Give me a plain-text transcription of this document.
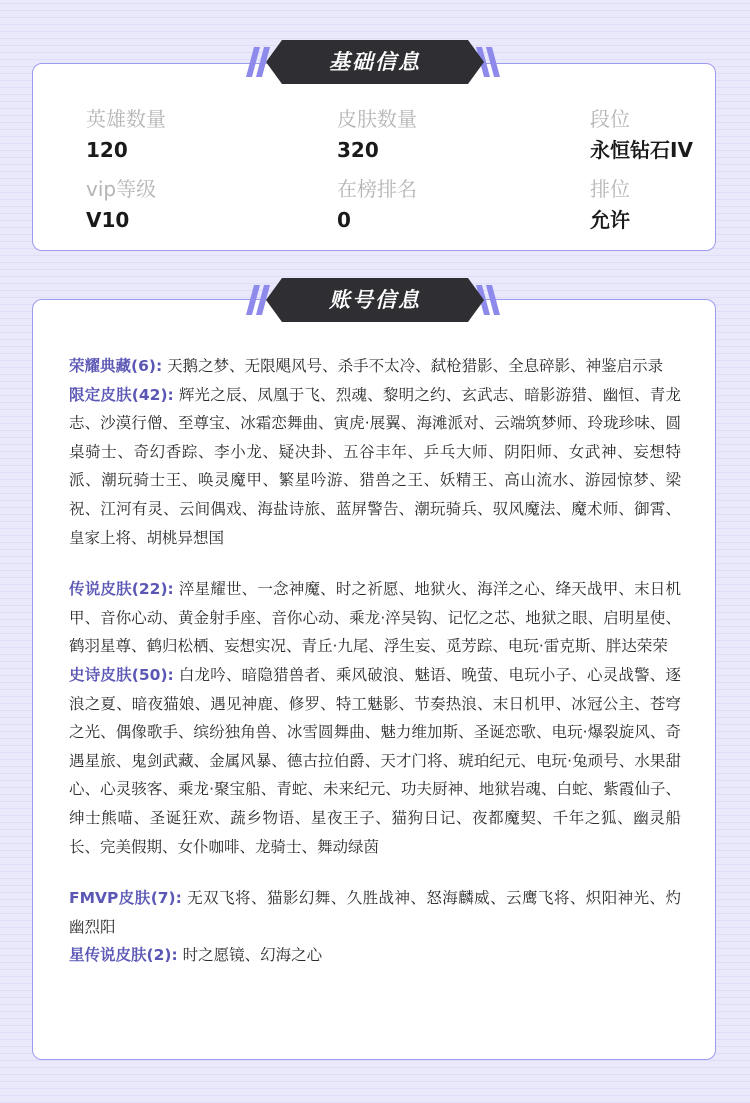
英雄数量
120
皮肤数量
320
段位
永恒钻石IV
vip等级
V10
在榜排名
0
排位
允许
荣耀典藏(6): 天鹅之梦、无限飓风号、杀手不太冷、弑枪猎影、全息碎影、神鉴启示录
限定皮肤(42): 辉光之辰、凤凰于飞、烈魂、黎明之约、玄武志、暗影游猎、幽恒、青龙志、沙漠行僧、至尊宝、冰霜恋舞曲、寅虎·展翼、海滩派对、云端筑梦师、玲珑珍味、圆桌骑士、奇幻香踪、李小龙、疑决卦、五谷丰年、乒乓大师、阴阳师、女武神、妄想特派、潮玩骑士王、唤灵魔甲、繁星吟游、猎兽之王、妖精王、高山流水、游园惊梦、梁祝、江河有灵、云间偶戏、海盐诗旅、蓝屏警告、潮玩骑兵、驭风魔法、魔术师、御霄、皇家上将、胡桃异想国
传说皮肤(22): 淬星耀世、一念神魔、时之祈愿、地狱火、海洋之心、绛天战甲、末日机甲、音你心动、黄金射手座、音你心动、乘龙·淬吴钩、记忆之芯、地狱之眼、启明星使、鹤羽星尊、鹤归松栖、妄想实况、青丘·九尾、浮生妄、觅芳踪、电玩·雷克斯、胖达荣荣
史诗皮肤(50): 白龙吟、暗隐猎兽者、乘风破浪、魅语、晚萤、电玩小子、心灵战警、逐浪之夏、暗夜猫娘、遇见神鹿、修罗、特工魅影、节奏热浪、末日机甲、冰冠公主、苍穹之光、偶像歌手、缤纷独角兽、冰雪圆舞曲、魅力维加斯、圣诞恋歌、电玩·爆裂旋风、奇遇星旅、鬼剑武藏、金属风暴、德古拉伯爵、天才门将、琥珀纪元、电玩·兔顽号、水果甜心、心灵骇客、乘龙·聚宝船、青蛇、未来纪元、功夫厨神、地狱岩魂、白蛇、紫霞仙子、绅士熊喵、圣诞狂欢、蔬乡物语、星夜王子、猫狗日记、夜都魔契、千年之狐、幽灵船长、完美假期、女仆咖啡、龙骑士、舞动绿茵
FMVP皮肤(7): 无双飞将、猫影幻舞、久胜战神、怒海麟威、云鹰飞将、炽阳神光、灼幽烈阳
星传说皮肤(2): 时之愿镜、幻海之心
基础信息
账号信息
